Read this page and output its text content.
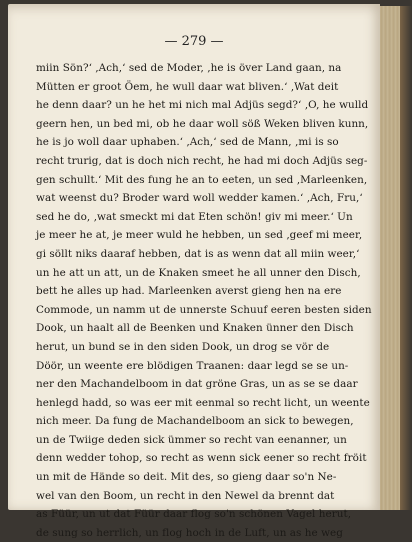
— 279 —
miin Sön?‘ ‚Ach,‘ sed de Moder, ‚he is över Land gaan, na
Mütten er groot Öem, he wull daar wat bliven.‘ ‚Wat deit
he denn daar? un he het mi nich mal Adjüs segd?‘ ‚O, he wulld
geern hen, un bed mi, ob he daar woll söß Weken bliven kunn,
he is jo woll daar uphaben.‘ ‚Ach,‘ sed de Mann, ‚mi is so
recht trurig, dat is doch nich recht, he had mi doch Adjüs seg-
gen schullt.‘ Mit des fung he an to eeten, un sed ‚Marleenken,
wat weenst du? Broder ward woll wedder kamen.‘ ‚Ach, Fru,‘
sed he do, ‚wat smeckt mi dat Eten schön! giv mi meer.‘ Un
je meer he at, je meer wuld he hebben, un sed ‚geef mi meer,
gi söllt niks daaraf hebben, dat is as wenn dat all miin weer,‘
un he att un att, un de Knaken smeet he all unner den Disch,
bett he alles up had. Marleenken averst gieng hen na ere
Commode, un namm ut de unnerste Schuuf eeren besten siden
Dook, un haalt all de Beenken und Knaken ünner den Disch
herut, un bund se in den siden Dook, un drog se vör de
Döör, un weente ere blödigen Traanen: daar legd se se un-
ner den Machandelboom in dat gröne Gras, un as se se daar
henlegd hadd, so was eer mit eenmal so recht licht, un weente
nich meer. Da fung de Machandelboom an sick to bewegen,
un de Twiige deden sick ümmer so recht van eenanner, un
denn wedder tohop, so recht as wenn sick eener so recht fröit
un mit de Hände so deit. Mit des, so gieng daar so'n Ne-
wel van den Boom, un recht in den Newel da brennt dat
as Füür, un ut dat Füür daar flog so'n schönen Vagel herut,
de sung so herrlich, un flog hoch in de Luft, un as he weg
